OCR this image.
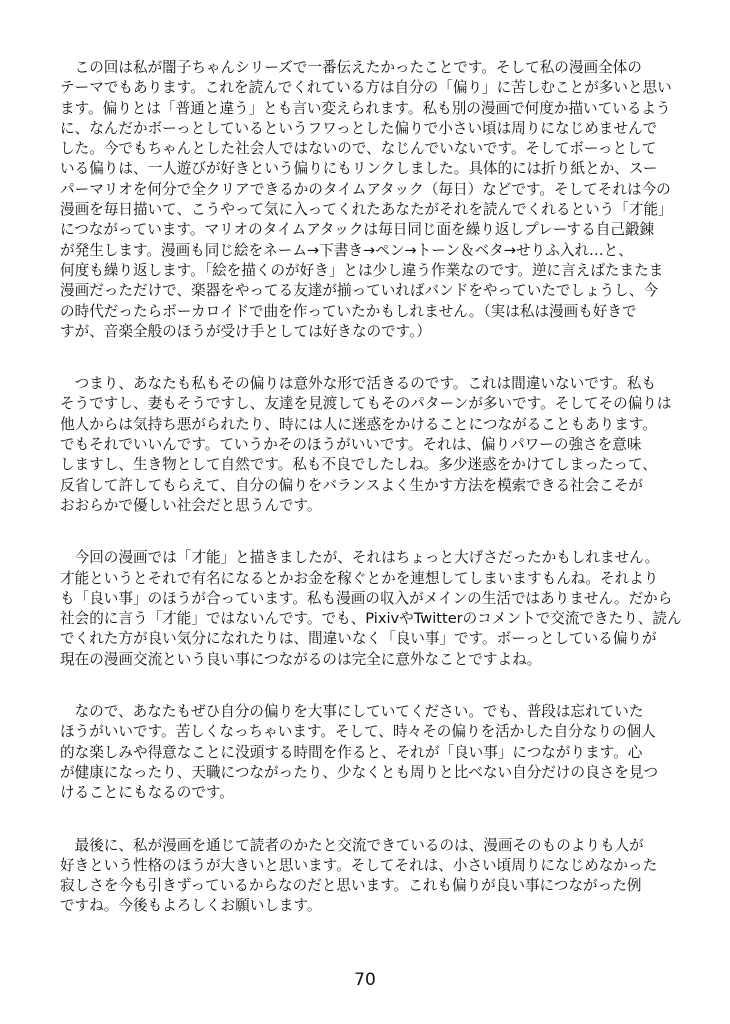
　この回は私が闇子ちゃんシリーズで一番伝えたかったことです。そして私の漫画全体の
テーマでもあります。これを読んでくれている方は自分の「偏り」に苦しむことが多いと思い
ます。偏りとは「普通と違う」とも言い変えられます。私も別の漫画で何度か描いているよう
に、なんだかボーっとしているというフワっとした偏りで小さい頃は周りになじめませんで
した。今でもちゃんとした社会人ではないので、なじんでいないです。そしてボーっとして
いる偏りは、一人遊びが好きという偏りにもリンクしました。具体的には折り紙とか、スー
パーマリオを何分で全クリアできるかのタイムアタック（毎日）などです。そしてそれは今の
漫画を毎日描いて、こうやって気に入ってくれたあなたがそれを読んでくれるという「才能」
につながっています。マリオのタイムアタックは毎日同じ面を繰り返しプレーする自己鍛錬
が発生します。漫画も同じ絵をネーム→下書き→ペン→トーン＆ベタ→せりふ入れ…と、
何度も繰り返します。「絵を描くのが好き」とは少し違う作業なのです。逆に言えばたまたま
漫画だっただけで、楽器をやってる友達が揃っていればバンドをやっていたでしょうし、今
の時代だったらボーカロイドで曲を作っていたかもしれません。（実は私は漫画も好きで
すが、音楽全般のほうが受け手としては好きなのです。）
　つまり、あなたも私もその偏りは意外な形で活きるのです。これは間違いないです。私も
そうですし、妻もそうですし、友達を見渡してもそのパターンが多いです。そしてその偏りは
他人からは気持ち悪がられたり、時には人に迷惑をかけることにつながることもあります。
でもそれでいいんです。ていうかそのほうがいいです。それは、偏りパワーの強さを意味
しますし、生き物として自然です。私も不良でしたしね。多少迷惑をかけてしまったって、
反省して許してもらえて、自分の偏りをバランスよく生かす方法を模索できる社会こそが
おおらかで優しい社会だと思うんです。
　今回の漫画では「才能」と描きましたが、それはちょっと大げさだったかもしれません。
才能というとそれで有名になるとかお金を稼ぐとかを連想してしまいますもんね。それより
も「良い事」のほうが合っています。私も漫画の収入がメインの生活ではありません。だから
社会的に言う「才能」ではないんです。でも、PixivやTwitterのコメントで交流できたり、読ん
でくれた方が良い気分になれたりは、間違いなく「良い事」です。ボーっとしている偏りが
現在の漫画交流という良い事につながるのは完全に意外なことですよね。
　なので、あなたもぜひ自分の偏りを大事にしていてください。でも、普段は忘れていた
ほうがいいです。苦しくなっちゃいます。そして、時々その偏りを活かした自分なりの個人
的な楽しみや得意なことに没頭する時間を作ると、それが「良い事」につながります。心
が健康になったり、天職につながったり、少なくとも周りと比べない自分だけの良さを見つ
けることにもなるのです。
　最後に、私が漫画を通じて読者のかたと交流できているのは、漫画そのものよりも人が
好きという性格のほうが大きいと思います。そしてそれは、小さい頃周りになじめなかった
寂しさを今も引きずっているからなのだと思います。これも偏りが良い事につながった例
ですね。今後もよろしくお願いします。
70
